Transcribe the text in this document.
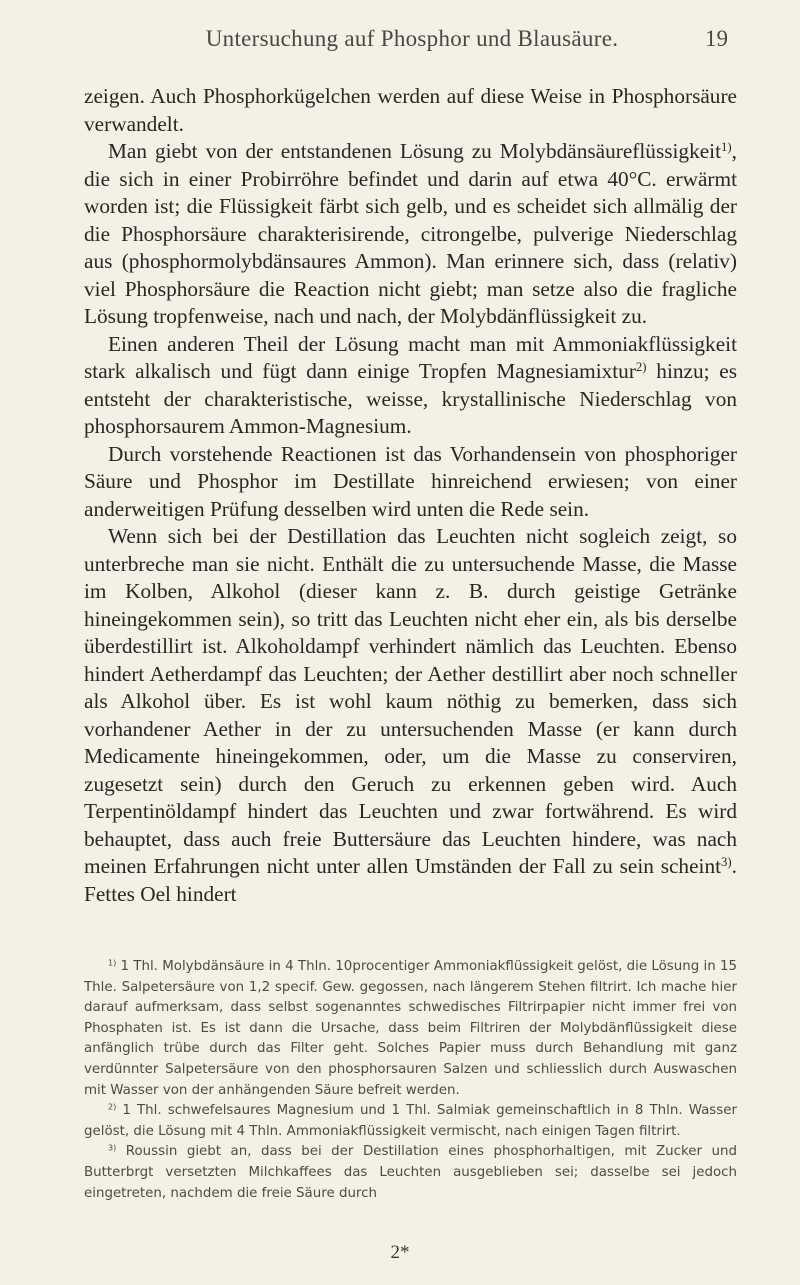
Untersuchung auf Phosphor und Blausäure.	19

zeigen. Auch Phosphorkügelchen werden auf diese Weise in Phosphorsäure verwandelt.

Man giebt von der entstandenen Lösung zu Molybdänsäureflüssigkeit$^{1)}$, die sich in einer Probirröhre befindet und darin auf etwa 40°C. erwärmt worden ist; die Flüssigkeit färbt sich gelb, und es scheidet sich allmälig der die Phosphorsäure charakterisirende, citrongelbe, pulverige Niederschlag aus (phosphormolybdänsaures Ammon). Man erinnere sich, dass (relativ) viel Phosphorsäure die Reaction nicht giebt; man setze also die fragliche Lösung tropfenweise, nach und nach, der Molybdänflüssigkeit zu.

Einen anderen Theil der Lösung macht man mit Ammoniakflüssigkeit stark alkalisch und fügt dann einige Tropfen Magnesiamixtur$^{2)}$ hinzu; es entsteht der charakteristische, weisse, krystallinische Niederschlag von phosphorsaurem Ammon-Magnesium.

Durch vorstehende Reactionen ist das Vorhandensein von phosphoriger Säure und Phosphor im Destillate hinreichend erwiesen; von einer anderweitigen Prüfung desselben wird unten die Rede sein.

Wenn sich bei der Destillation das Leuchten nicht sogleich zeigt, so unterbreche man sie nicht. Enthält die zu untersuchende Masse, die Masse im Kolben, Alkohol (dieser kann z. B. durch geistige Getränke hineingekommen sein), so tritt das Leuchten nicht eher ein, als bis derselbe überdestillirt ist. Alkoholdampf verhindert nämlich das Leuchten. Ebenso hindert Aetherdampf das Leuchten; der Aether destillirt aber noch schneller als Alkohol über. Es ist wohl kaum nöthig zu bemerken, dass sich vorhandener Aether in der zu untersuchenden Masse (er kann durch Medicamente hineingekommen, oder, um die Masse zu conserviren, zugesetzt sein) durch den Geruch zu erkennen geben wird. Auch Terpentinöldampf hindert das Leuchten und zwar fortwährend. Es wird behauptet, dass auch freie Buttersäure das Leuchten hindere, was nach meinen Erfahrungen nicht unter allen Umständen der Fall zu sein scheint$^{3)}$. Fettes Oel hindert

$^{1)}$ 1 Thl. Molybdänsäure in 4 Thln. 10procentiger Ammoniakflüssigkeit gelöst, die Lösung in 15 Thle. Salpetersäure von 1,2 specif. Gew. gegossen, nach längerem Stehen filtrirt. Ich mache hier darauf aufmerksam, dass selbst sogenanntes schwedisches Filtrirpapier nicht immer frei von Phosphaten ist. Es ist dann die Ursache, dass beim Filtriren der Molybdänflüssigkeit diese anfänglich trübe durch das Filter geht. Solches Papier muss durch Behandlung mit ganz verdünnter Salpetersäure von den phosphorsauren Salzen und schliesslich durch Auswaschen mit Wasser von der anhängenden Säure befreit werden.

$^{2)}$ 1 Thl. schwefelsaures Magnesium und 1 Thl. Salmiak gemeinschaftlich in 8 Thln. Wasser gelöst, die Lösung mit 4 Thln. Ammoniakflüssigkeit vermischt, nach einigen Tagen filtrirt.

$^{3)}$ Roussin giebt an, dass bei der Destillation eines phosphorhaltigen, mit Zucker und Butterbrgt versetzten Milchkaffees das Leuchten ausgeblieben sei; dasselbe sei jedoch eingetreten, nachdem die freie Säure durch

2*
